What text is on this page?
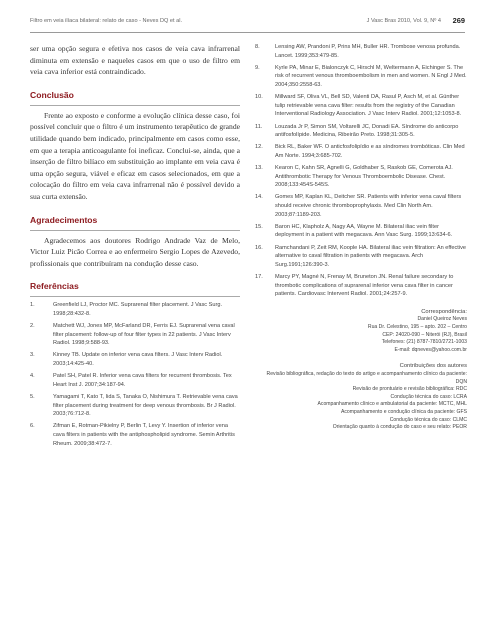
Filtro em veia ilíaca bilateral: relato de caso - Neves DQ et al.	J Vasc Bras 2010, Vol. 9, Nº 4 269

ser uma opção segura e efetiva nos casos de veia cava infrarrenal diminuta em extensão e naqueles casos em que o uso de filtro em veia cava inferior está contraindicado.

Conclusão

Frente ao exposto e conforme a evolução clínica desse caso, foi possível concluir que o filtro é um instrumento terapêutico de grande utilidade quando bem indicado, principalmente em casos como esse, em que a terapia anticoagulante foi ineficaz. Conclui-se, ainda, que a inserção de filtro bilíaco em substituição ao implante em veia cava é uma opção segura, viável e eficaz em casos selecionados, em que a colocação do filtro em veia cava infrarrenal não é possível devido a sua curta extensão.

Agradecimentos

Agradecemos aos doutores Rodrigo Andrade Vaz de Melo, Victor Luiz Picão Correa e ao enfermeiro Sergio Lopes de Azevedo, profissionais que contribuíram na condução desse caso.

Referências
1.	Greenfield LJ, Proctor MC. Suprarenal filter placement. J Vasc Surg. 1998;28:432-8.
2.	Matchett WJ, Jones MP, McFarland DR, Ferris EJ. Suprarenal vena caval filter placement: follow-up of four filter types in 22 patients. J Vasc Interv Radiol. 1998;9:588-93.
3.	Kinney TB. Update on inferior vena cava filters. J Vasc Interv Radiol. 2003;14:425-40.
4.	Patel SH, Patel R. Inferior vena cava filters for recurrent thrombosis. Tex Heart Inst J. 2007;34:187-94.
5.	Yamagami T, Kato T, Iida S, Tanaka O, Nishimura T. Retrievable vena cava filter placement during treatment for deep venous thrombosis. Br J Radiol. 2003;76:712-8.
6.	Zifman E, Rotman-Pikielny P, Berlin T, Levy Y. Insertion of inferior vena cava filters in patients with the antiphospholipid syndrome. Semin Arthritis Rheum. 2009;38:472-7.
8.	Lensing AW, Prandoni P, Prins MH, Buller HR. Trombose venosa profunda. Lancet. 1999;353:479-85.
9.	Kyrle PA, Minar E, Bialonczyk C, Hirschl M, Weltermann A, Eichinger S. The risk of recurrent venous thromboembolism in men and women. N Engl J Med. 2004;350:2558-63.
10. Millward SF, Oliva VL, Bell SD, Valenti DA, Rasul P, Asch M, et al. Günther tulip retrievable vena cava filter: results from the registry of the Canadian Interventional Radiology Association. J Vasc Interv Radiol. 2001;12:1053-8.
11. Louzada Jr P, Simon SM, Voltarelli JC, Donadi EA. Síndrome do anticorpo antifosfolípide. Medicina, Ribeirão Preto. 1998;31:305-5.
12. Bick RL, Baker WF. O anticfosfolipídio e as síndromes trombóticas. Clin Med Am Norte. 1994;3:685-702.
13. Kearon C, Kahn SR, Agnelli G, Goldhaber S, Raskob GE, Comerota AJ. Antithrombotic Therapy for Venous Thromboembolic Disease. Chest. 2008;133:454S-545S.
14. Gomes MP, Kaplan KL, Deitcher SR. Patients with inferior vena caval filters should receive chronic thromboprophylaxis. Med Clin North Am. 2003;87:1189-203.
15. Baron HC, Klapholz A, Nagy AA, Wayne M. Bilateral iliac vein filter deployment in a patient with megacava. Ann Vasc Surg. 1999;13:634-6.
16. Ramchandani P, Zeit RM, Koople HA. Bilateral iliac vein filtration: An effective alternative to caval filtration in patients with megacava. Arch Surg.1991;126:390-3.
17. Marcy PY, Magné N, Frenay M, Bruneton JN. Renal failure secondary to thrombotic complications of suprarenal inferior vena cava filter in cancer patients. Cardiovasc Intervent Radiol. 2001;24:257-9.
Correspondência:
Daniel Queiroz Neves
Rua Dr. Celestino, 195 – apto. 202 – Centro
CEP: 24020-090 – Niterói (RJ), Brasil
Telefones: (21) 8787-7810/2721-1003
E-mail: dqneves@yahoo.com.br
Contribuições dos autores
Revisão bibliográfica, redação do texto do artigo e acompanhamento clínico da paciente: DQN
Revisão de prontuário e revisão bibliográfica: RDC
Condução técnica do caso: LCRA
Acompanhamento clínico e ambulatorial da paciente: MCTC, MHL
Acompanhamento e condução clínica da paciente: GFS
Condução técnica do caso: CLMC
Orientação quanto à condução do caso e seu relato: PEOR
